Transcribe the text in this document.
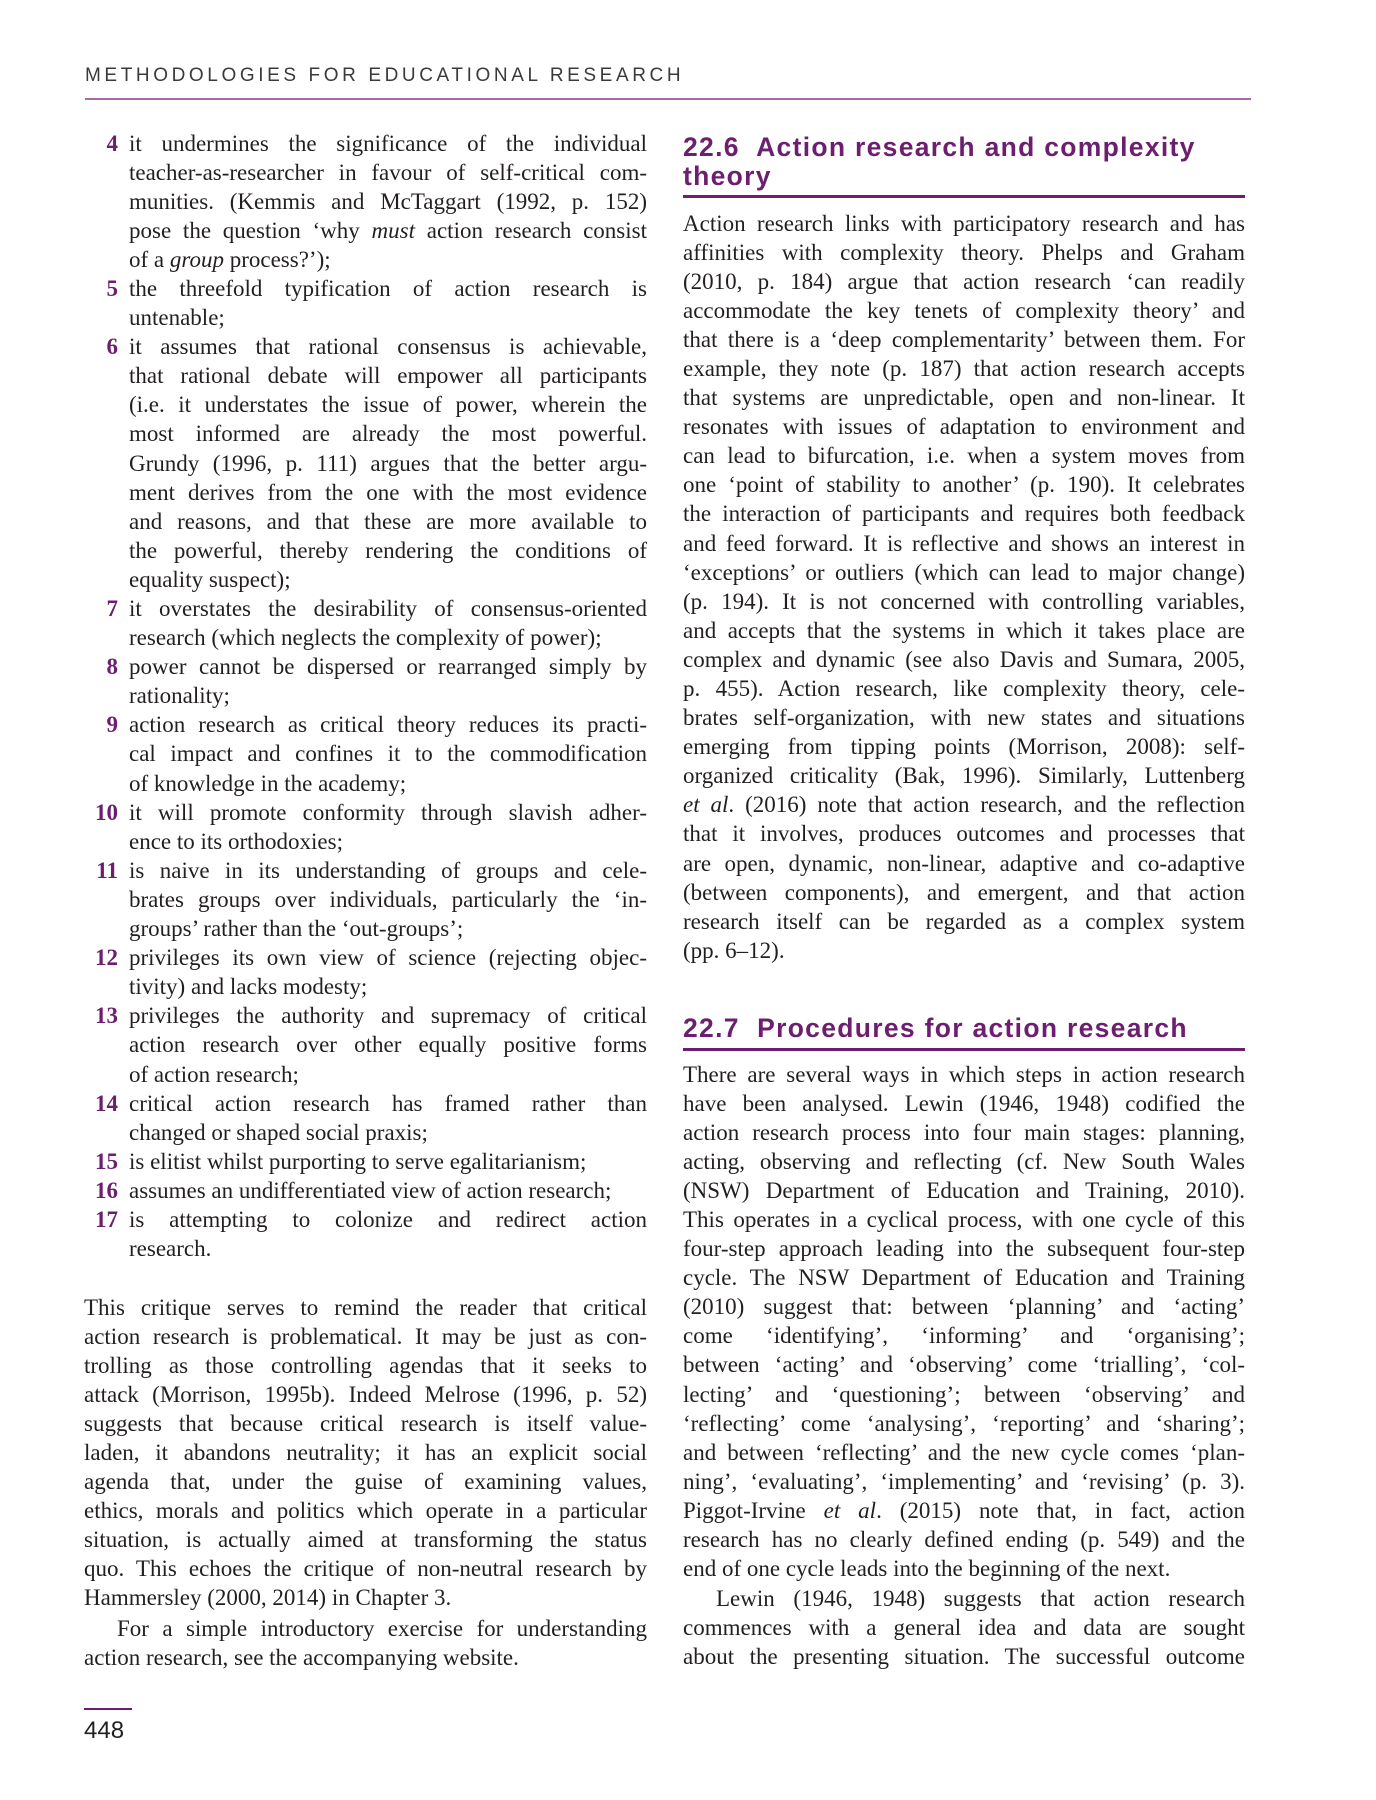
METHODOLOGIES FOR EDUCATIONAL RESEARCH
4 it undermines the significance of the individual
teacher-as-researcher in favour of self-critical com-
munities. (Kemmis and McTaggart (1992, p. 152)
pose the question ‘why must action research consist
of a group process?’);
5 the threefold typification of action research is
untenable;
6 it assumes that rational consensus is achievable,
that rational debate will empower all participants
(i.e. it understates the issue of power, wherein the
most informed are already the most powerful.
Grundy (1996, p. 111) argues that the better argu-
ment derives from the one with the most evidence
and reasons, and that these are more available to
the powerful, thereby rendering the conditions of
equality suspect);
7 it overstates the desirability of consensus-oriented
research (which neglects the complexity of power);
8 power cannot be dispersed or rearranged simply by
rationality;
9 action research as critical theory reduces its practi-
cal impact and confines it to the commodification
of knowledge in the academy;
10 it will promote conformity through slavish adher-
ence to its orthodoxies;
11 is naive in its understanding of groups and cele-
brates groups over individuals, particularly the ‘in-
groups’ rather than the ‘out-groups’;
12 privileges its own view of science (rejecting objec-
tivity) and lacks modesty;
13 privileges the authority and supremacy of critical
action research over other equally positive forms
of action research;
14 critical action research has framed rather than
changed or shaped social praxis;
15 is elitist whilst purporting to serve egalitarianism;
16 assumes an undifferentiated view of action research;
17 is attempting to colonize and redirect action
research.
This critique serves to remind the reader that critical
action research is problematical. It may be just as con-
trolling as those controlling agendas that it seeks to
attack (Morrison, 1995b). Indeed Melrose (1996, p. 52)
suggests that because critical research is itself value-
laden, it abandons neutrality; it has an explicit social
agenda that, under the guise of examining values,
ethics, morals and politics which operate in a particular
situation, is actually aimed at transforming the status
quo. This echoes the critique of non-neutral research by
Hammersley (2000, 2014) in Chapter 3.
For a simple introductory exercise for understanding
action research, see the accompanying website.
22.6  Action research and complexity
theory
Action research links with participatory research and has
affinities with complexity theory. Phelps and Graham
(2010, p. 184) argue that action research ‘can readily
accommodate the key tenets of complexity theory’ and
that there is a ‘deep complementarity’ between them. For
example, they note (p. 187) that action research accepts
that systems are unpredictable, open and non-linear. It
resonates with issues of adaptation to environment and
can lead to bifurcation, i.e. when a system moves from
one ‘point of stability to another’ (p. 190). It celebrates
the interaction of participants and requires both feedback
and feed forward. It is reflective and shows an interest in
‘exceptions’ or outliers (which can lead to major change)
(p. 194). It is not concerned with controlling variables,
and accepts that the systems in which it takes place are
complex and dynamic (see also Davis and Sumara, 2005,
p. 455). Action research, like complexity theory, cele-
brates self-organization, with new states and situations
emerging from tipping points (Morrison, 2008): self-
organized criticality (Bak, 1996). Similarly, Luttenberg
et al. (2016) note that action research, and the reflection
that it involves, produces outcomes and processes that
are open, dynamic, non-linear, adaptive and co-adaptive
(between components), and emergent, and that action
research itself can be regarded as a complex system
(pp. 6–12).
22.7  Procedures for action research
There are several ways in which steps in action research
have been analysed. Lewin (1946, 1948) codified the
action research process into four main stages: planning,
acting, observing and reflecting (cf. New South Wales
(NSW) Department of Education and Training, 2010).
This operates in a cyclical process, with one cycle of this
four-step approach leading into the subsequent four-step
cycle. The NSW Department of Education and Training
(2010) suggest that: between ‘planning’ and ‘acting’
come ‘identifying’, ‘informing’ and ‘organising’;
between ‘acting’ and ‘observing’ come ‘trialling’, ‘col-
lecting’ and ‘questioning’; between ‘observing’ and
‘reflecting’ come ‘analysing’, ‘reporting’ and ‘sharing’;
and between ‘reflecting’ and the new cycle comes ‘plan-
ning’, ‘evaluating’, ‘implementing’ and ‘revising’ (p. 3).
Piggot-Irvine et al. (2015) note that, in fact, action
research has no clearly defined ending (p. 549) and the
end of one cycle leads into the beginning of the next.
Lewin (1946, 1948) suggests that action research
commences with a general idea and data are sought
about the presenting situation. The successful outcome
448
